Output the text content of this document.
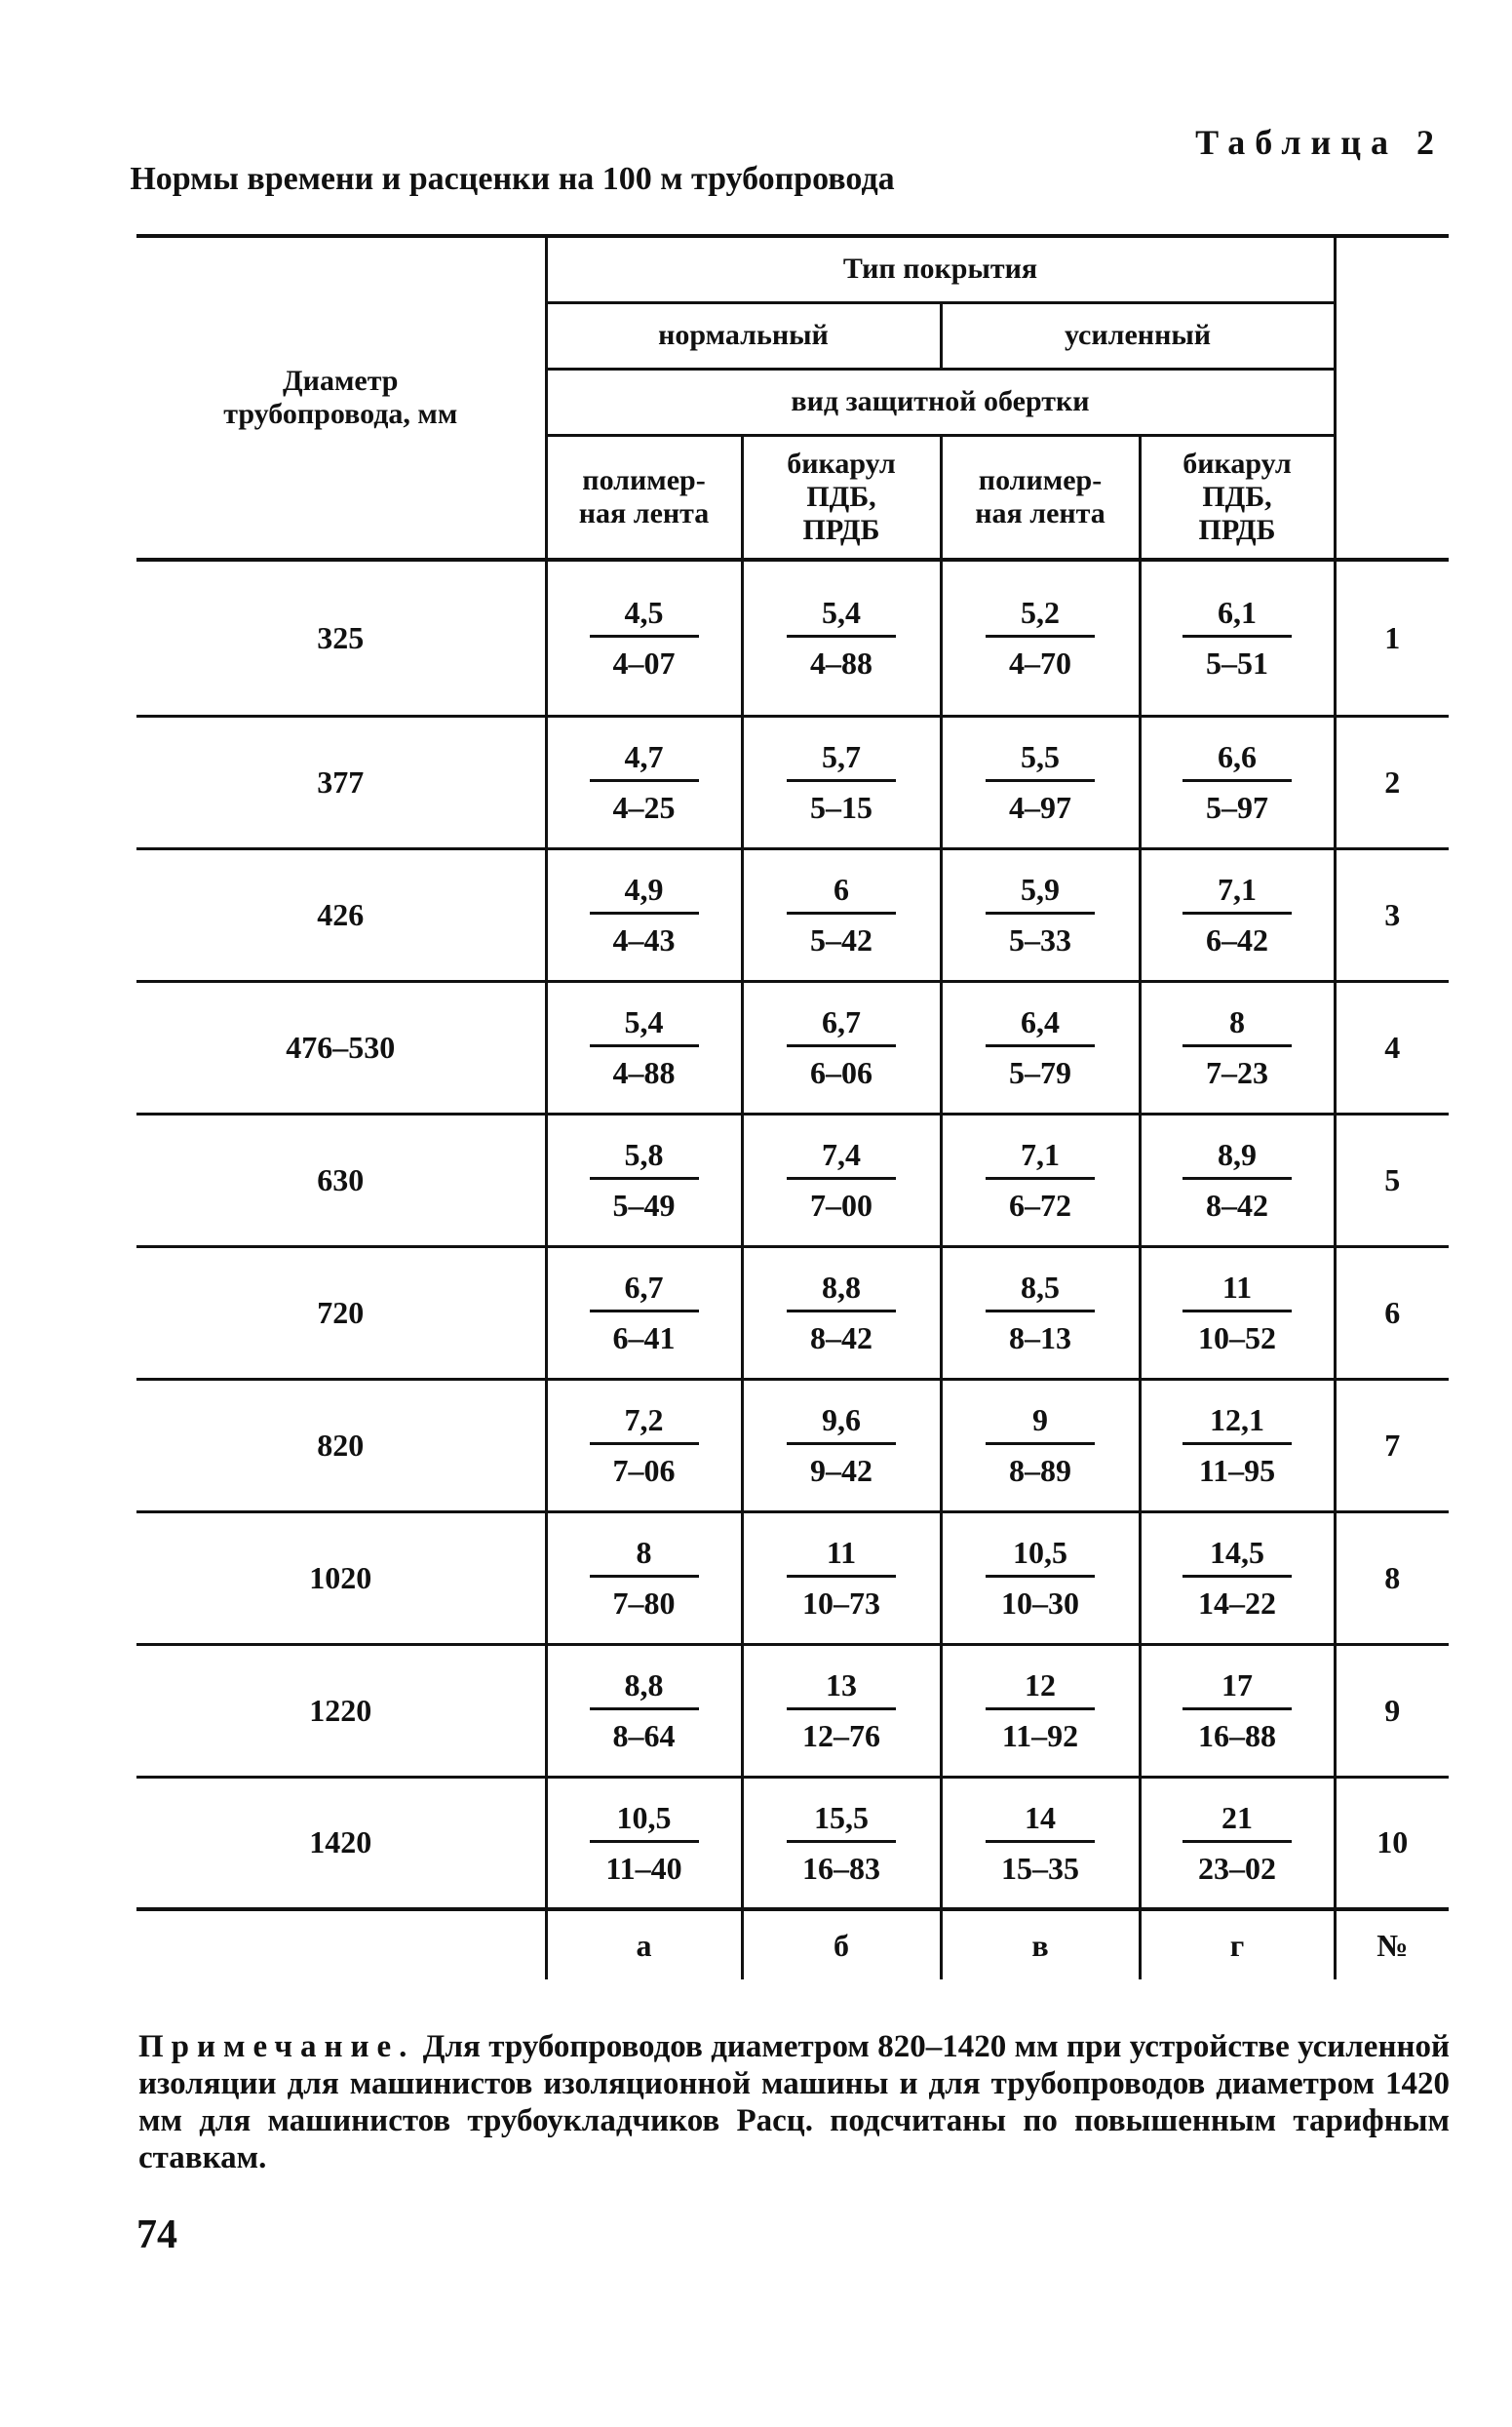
Таблица 2
Нормы времени и расценки на 100 м трубопровода
Диаметр трубопровода, мм	Тип покрытия				
	нормальный		усиленный		
	вид защитной обертки				
	полимер-ная лента	бикарул ПДБ, ПРДБ	полимер-ная лента	бикарул ПДБ, ПРДБ	
325	$\frac{4,5}{4-07}$	$\frac{5,4}{4-88}$	$\frac{5,2}{4-70}$	$\frac{6,1}{5-51}$	1
377	$\frac{4,7}{4-25}$	$\frac{5,7}{5-15}$	$\frac{5,5}{4-97}$	$\frac{6,6}{5-97}$	2
426	$\frac{4,9}{4-43}$	$\frac{6}{5-42}$	$\frac{5,9}{5-33}$	$\frac{7,1}{6-42}$	3
476–530	$\frac{5,4}{4-88}$	$\frac{6,7}{6-06}$	$\frac{6,4}{5-79}$	$\frac{8}{7-23}$	4
630	$\frac{5,8}{5-49}$	$\frac{7,4}{7-00}$	$\frac{7,1}{6-72}$	$\frac{8,9}{8-42}$	5
720	$\frac{6,7}{6-41}$	$\frac{8,8}{8-42}$	$\frac{8,5}{8-13}$	$\frac{11}{10-52}$	6
820	$\frac{7,2}{7-06}$	$\frac{9,6}{9-42}$	$\frac{9}{8-89}$	$\frac{12,1}{11-95}$	7
1020	$\frac{8}{7-80}$	$\frac{11}{10-73}$	$\frac{10,5}{10-30}$	$\frac{14,5}{14-22}$	8
1220	$\frac{8,8}{8-64}$	$\frac{13}{12-76}$	$\frac{12}{11-92}$	$\frac{17}{16-88}$	9
1420	$\frac{10,5}{11-40}$	$\frac{15,5}{16-83}$	$\frac{14}{15-35}$	$\frac{21}{23-02}$	10
	а	б	в	г	№
Примечание. Для трубопроводов диаметром 820–1420 мм при устройстве усиленной изоляции для машинистов изоляционной машины и для трубопроводов диаметром 1420 мм для машинистов трубоукладчиков Расц. подсчитаны по повышенным тарифным ставкам.
74
